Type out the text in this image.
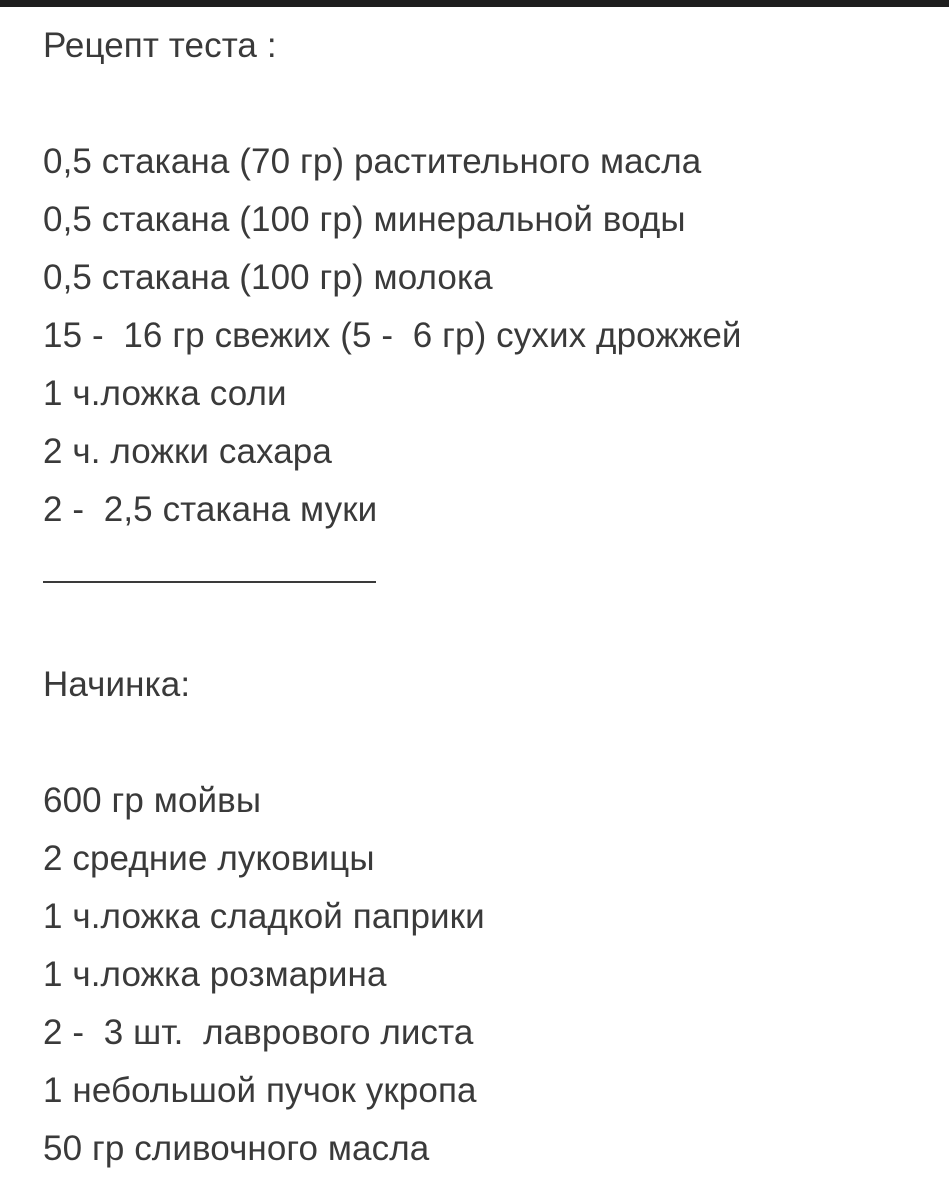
Рецепт теста :
0,5 стакана (70 гр) растительного масла
0,5 стакана (100 гр) минеральной воды
0,5 стакана (100 гр) молока
15 -  16 гр свежих (5 -  6 гр) сухих дрожжей
1 ч.ложка соли
2 ч. ложки сахара
2 -  2,5 стакана муки
Начинка:
600 гр мойвы
2 средние луковицы
1 ч.ложка сладкой паприки
1 ч.ложка розмарина
2 -  3 шт.  лаврового листа
1 небольшой пучок укропа
50 гр сливочного масла
